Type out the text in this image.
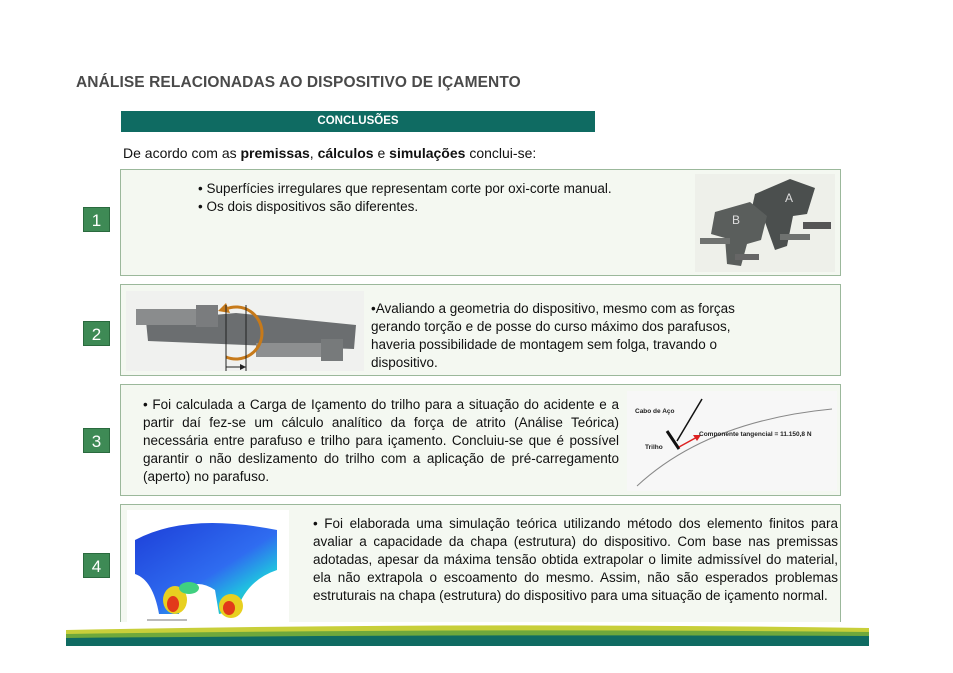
ANÁLISE RELACIONADAS AO DISPOSITIVO DE IÇAMENTO
CONCLUSÕES
De acordo com as premissas, cálculos e simulações conclui-se:
1
• Superfícies irregulares que representam corte por oxi-corte manual.
• Os dois dispositivos são diferentes.
B
A
2
•Avaliando a geometria do dispositivo, mesmo com as forças
gerando torção e de posse do curso máximo dos parafusos,
haveria possibilidade de montagem sem folga, travando o
dispositivo.
3
• Foi calculada a Carga de Içamento do trilho para a situação do acidente e a partir daí fez-se um cálculo analítico da força de atrito (Análise Teórica) necessária entre parafuso e trilho para içamento. Concluiu-se que é possível garantir o não deslizamento do trilho com a aplicação de pré-carregamento (aperto) no parafuso.
Cabo de Aço
Trilho
Componente tangencial = 11.150,8 N
4
• Foi elaborada uma simulação teórica utilizando método dos elemento finitos para avaliar a capacidade da chapa (estrutura) do dispositivo. Com base nas premissas adotadas, apesar da máxima tensão obtida extrapolar o limite admissível do material, ela não extrapola o escoamento do mesmo. Assim, não são esperados problemas estruturais na chapa (estrutura) do dispositivo para uma situação de içamento normal.
